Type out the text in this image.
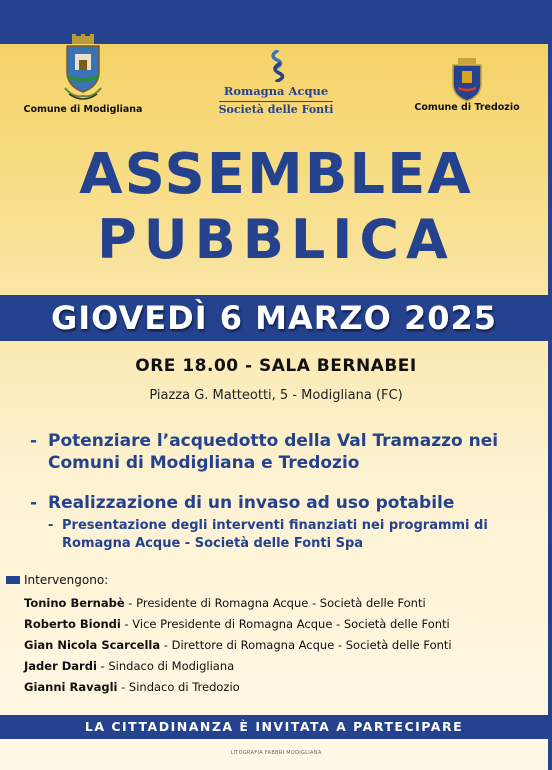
Comune di Modigliana
Romagna Acque
Società delle Fonti	Comune di Tredozio
ASSEMBLEA
PUBBLICA
GIOVEDÌ 6 MARZO 2025
ORE 18.00 - SALA BERNABEI
Piazza G. Matteotti, 5 - Modigliana (FC)
- Potenziare l’acquedotto della Val Tramazzo nei Comuni di Modigliana e Tredozio
- Realizzazione di un invaso ad uso potabile
- Presentazione degli interventi finanziati nei programmi di Romagna Acque - Società delle Fonti Spa
Intervengono:
Tonino Bernabè - Presidente di Romagna Acque - Società delle Fonti
Roberto Biondi - Vice Presidente di Romagna Acque - Società delle Fonti
Gian Nicola Scarcella - Direttore di Romagna Acque - Società delle Fonti
Jader Dardi - Sindaco di Modigliana
Gianni Ravagli - Sindaco di Tredozio
LA CITTADINANZA È INVITATA A PARTECIPARE
LITOGRAFIA FABBRI MODIGLIANA
